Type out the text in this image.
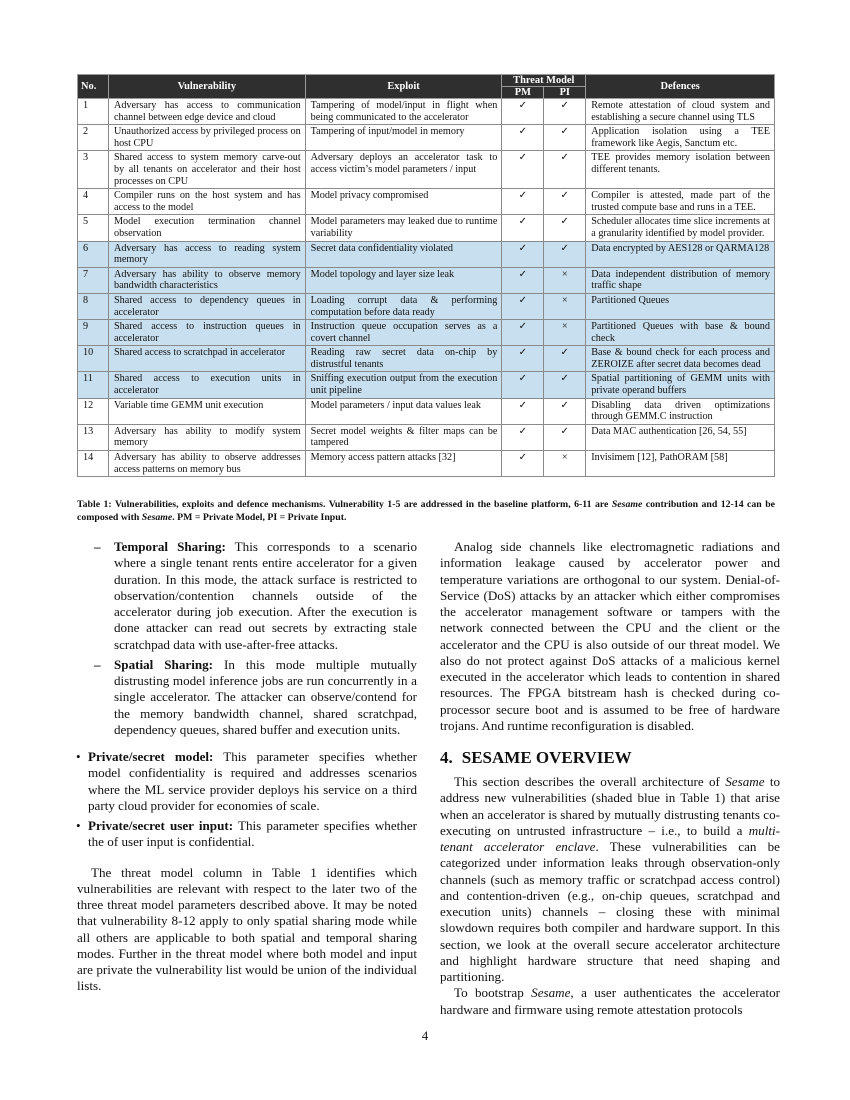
No.	Vulnerability	Exploit	Threat Model		Defences
			PM	PI	
1	Adversary has access to communication channel between edge device and cloud	Tampering of model/input in flight when being communicated to the accelerator	✓	✓	Remote attestation of cloud system and establishing a secure channel using TLS
2	Unauthorized access by privileged process on host CPU	Tampering of input/model in memory	✓	✓	Application isolation using a TEE framework like Aegis, Sanctum etc.
3	Shared access to system memory carve-out by all tenants on accelerator and their host processes on CPU	Adversary deploys an accelerator task to access victim’s model parameters / input	✓	✓	TEE provides memory isolation between different tenants.
4	Compiler runs on the host system and has access to the model	Model privacy compromised	✓	✓	Compiler is attested, made part of the trusted compute base and runs in a TEE.
5	Model execution termination channel observation	Model parameters may leaked due to runtime variability	✓	✓	Scheduler allocates time slice increments at a granularity identified by model provider.
6	Adversary has access to reading system memory	Secret data confidentiality violated	✓	✓	Data encrypted by AES128 or QARMA128
7	Adversary has ability to observe memory bandwidth characteristics	Model topology and layer size leak	✓	×	Data independent distribution of memory traffic shape
8	Shared access to dependency queues in accelerator	Loading corrupt data & performing computation before data ready	✓	×	Partitioned Queues
9	Shared access to instruction queues in accelerator	Instruction queue occupation serves as a covert channel	✓	×	Partitioned Queues with base & bound check
10	Shared access to scratchpad in accelerator	Reading raw secret data on-chip by distrustful tenants	✓	✓	Base & bound check for each process and ZEROIZE after secret data becomes dead
11	Shared access to execution units in accelerator	Sniffing execution output from the execution unit pipeline	✓	✓	Spatial partitioning of GEMM units with private operand buffers
12	Variable time GEMM unit execution	Model parameters / input data values leak	✓	✓	Disabling data driven optimizations through GEMM.C instruction
13	Adversary has ability to modify system memory	Secret model weights & filter maps can be tampered	✓	✓	Data MAC authentication [26, 54, 55]
14	Adversary has ability to observe addresses access patterns on memory bus	Memory access pattern attacks [32]	✓	×	Invisimem [12], PathORAM [58]
Table 1: Vulnerabilities, exploits and defence mechanisms. Vulnerability 1-5 are addressed in the baseline platform, 6-11 are Sesame contribution and 12-14 can be composed with Sesame. PM = Private Model, PI = Private Input.
– Temporal Sharing: This corresponds to a scenario where a single tenant rents entire accelerator for a given duration. In this mode, the attack surface is restricted to observation/contention channels outside of the accelerator during job execution. After the execution is done attacker can read out secrets by extracting stale scratchpad data with use-after-free attacks.
– Spatial Sharing: In this mode multiple mutually distrusting model inference jobs are run concurrently in a single accelerator. The attacker can observe/contend for the memory bandwidth channel, shared scratchpad, dependency queues, shared buffer and execution units.
• Private/secret model: This parameter specifies whether model confidentiality is required and addresses scenarios where the ML service provider deploys his service on a third party cloud provider for economies of scale.
• Private/secret user input: This parameter specifies whether the of user input is confidential.

The threat model column in Table 1 identifies which vulnerabilities are relevant with respect to the later two of the three threat model parameters described above. It may be noted that vulnerability 8-12 apply to only spatial sharing mode while all others are applicable to both spatial and temporal sharing modes. Further in the threat model where both model and input are private the vulnerability list would be union of the individual lists.

Analog side channels like electromagnetic radiations and information leakage caused by accelerator power and temperature variations are orthogonal to our system. Denial-of-Service (DoS) attacks by an attacker which either compromises the accelerator management software or tampers with the network connected between the CPU and the client or the accelerator and the CPU is also outside of our threat model. We also do not protect against DoS attacks of a malicious kernel executed in the accelerator which leads to contention in shared resources. The FPGA bitstream hash is checked during co-processor secure boot and is assumed to be free of hardware trojans. And runtime reconfiguration is disabled.

4. SESAME OVERVIEW

This section describes the overall architecture of Sesame to address new vulnerabilities (shaded blue in Table 1) that arise when an accelerator is shared by mutually distrusting tenants co-executing on untrusted infrastructure – i.e., to build a multi-tenant accelerator enclave. These vulnerabilities can be categorized under information leaks through observation-only channels (such as memory traffic or scratchpad access control) and contention-driven (e.g., on-chip queues, scratchpad and execution units) channels – closing these with minimal slowdown requires both compiler and hardware support. In this section, we look at the overall secure accelerator architecture and highlight hardware structure that need shaping and partitioning.

To bootstrap Sesame, a user authenticates the accelerator hardware and firmware using remote attestation protocols

4
